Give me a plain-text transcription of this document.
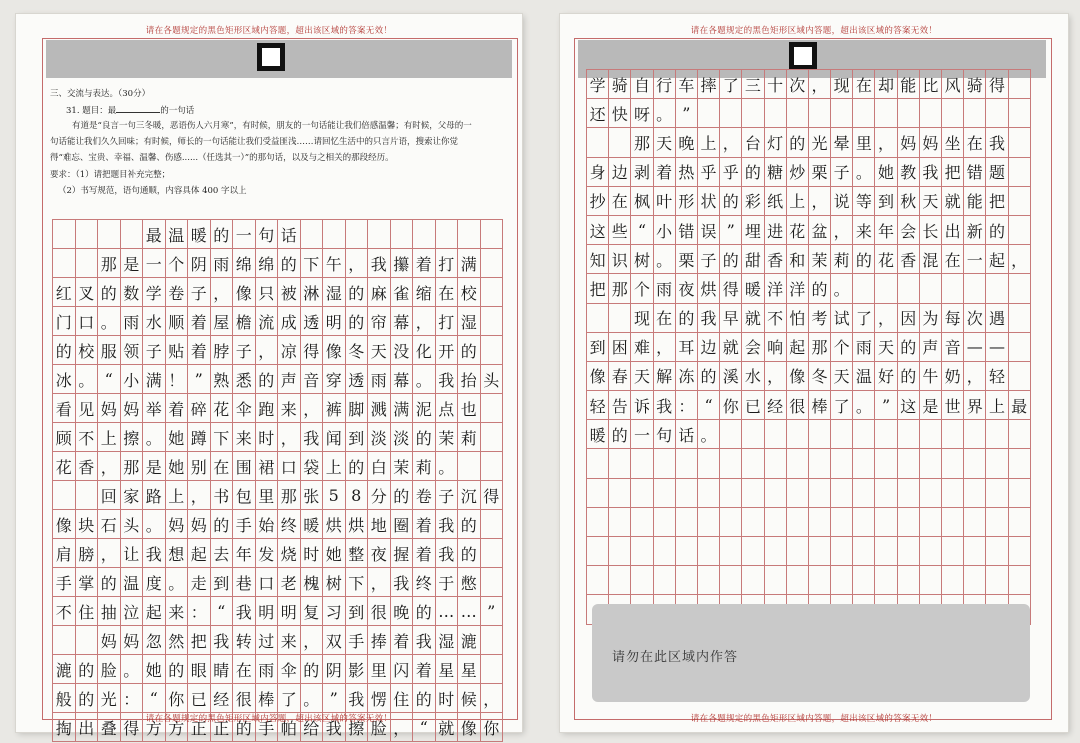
请在各题规定的黑色矩形区域内答题，超出该区域的答案无效！
三、交流与表达。（30分）
31. 题目：最	的一句话
有道是“良言一句三冬暖，恶语伤人六月寒”，有时候，朋友的一句话能让我们倍感温馨；有时候，父母的一
句话能让我们久久回味；有时候，师长的一句话能让我们受益匪浅……请回忆生活中的只言片语，搜索让你觉
得“难忘、宝贵、幸福、温馨、伤感......（任选其一）”的那句话，以及与之相关的那段经历。
要求：（1）请把题目补充完整；
（2）书写规范，语句通顺，内容具体 400 字以上
最 温 暖 的 一 句 话
那 是 一 个 阴 雨 绵 绵 的 下 午 ， 我 攥 着 打 满
红 叉 的 数 学 卷 子 ， 像 只 被 淋 湿 的 麻 雀 缩 在 校
门 口 。 雨 水 顺 着 屋 檐 流 成 透 明 的 帘 幕 ， 打 湿
的 校 服 领 子 贴 着 脖 子 ， 凉 得 像 冬 天 没 化 开 的
冰 。 “ 小 满 ！ ” 熟 悉 的 声 音 穿 透 雨 幕 。 我 抬 头
看 见 妈 妈 举 着 碎 花 伞 跑 来 ， 裤 脚 溅 满 泥 点 也
顾 不 上 擦 。 她 蹲 下 来 时 ， 我 闻 到 淡 淡 的 茉 莉
花 香 ， 那 是 她 别 在 围 裙 口 袋 上 的 白 茉 莉 。
回 家 路 上 ， 书 包 里 那 张 5 8 分 的 卷 子 沉 得
像 块 石 头 。 妈 妈 的 手 始 终 暖 烘 烘 地 圈 着 我 的
肩 膀 ， 让 我 想 起 去 年 发 烧 时 她 整 夜 握 着 我 的
手 掌 的 温 度 。 走 到 巷 口 老 槐 树 下 ， 我 终 于 憋
不 住 抽 泣 起 来 ： “ 我 明 明 复 习 到 很 晚 的 … … ”
妈 妈 忽 然 把 我 转 过 来 ， 双 手 捧 着 我 湿 漉
漉 的 脸 。 她 的 眼 睛 在 雨 伞 的 阴 影 里 闪 着 星 星
般 的 光 ： “ 你 已 经 很 棒 了 。 ” 我 愣 住 的 时 候 ，
掏 出 叠 得 方 方 正 正 的 手 帕 给 我 擦 脸 ， “ 就 像 你
请在各题规定的黑色矩形区域内答题，超出该区域的答案无效！
请在各题规定的黑色矩形区域内答题，超出该区域的答案无效！
学 骑 自 行 车 摔 了 三 十 次 ， 现 在 却 能 比 风 骑 得
还 快 呀 。 ”
那 天 晚 上 ， 台 灯 的 光 晕 里 ， 妈 妈 坐 在 我
身 边 剥 着 热 乎 乎 的 糖 炒 栗 子 。 她 教 我 把 错 题
抄 在 枫 叶 形 状 的 彩 纸 上 ， 说 等 到 秋 天 就 能 把
这 些 “ 小 错 误 ” 埋 进 花 盆 ， 来 年 会 长 出 新 的
知 识 树 。 栗 子 的 甜 香 和 茉 莉 的 花 香 混 在 一 起 ，
把 那 个 雨 夜 烘 得 暖 洋 洋 的 。
现 在 的 我 早 就 不 怕 考 试 了 ， 因 为 每 次 遇
到 困 难 ， 耳 边 就 会 响 起 那 个 雨 天 的 声 音 — —
像 春 天 解 冻 的 溪 水 ， 像 冬 天 温 好 的 牛 奶 ， 轻
轻 告 诉 我 ： “ 你 已 经 很 棒 了 。 ” 这 是 世 界 上 最
暖 的 一 句 话 。
请勿在此区域内作答
请在各题规定的黑色矩形区域内答题，超出该区域的答案无效！
